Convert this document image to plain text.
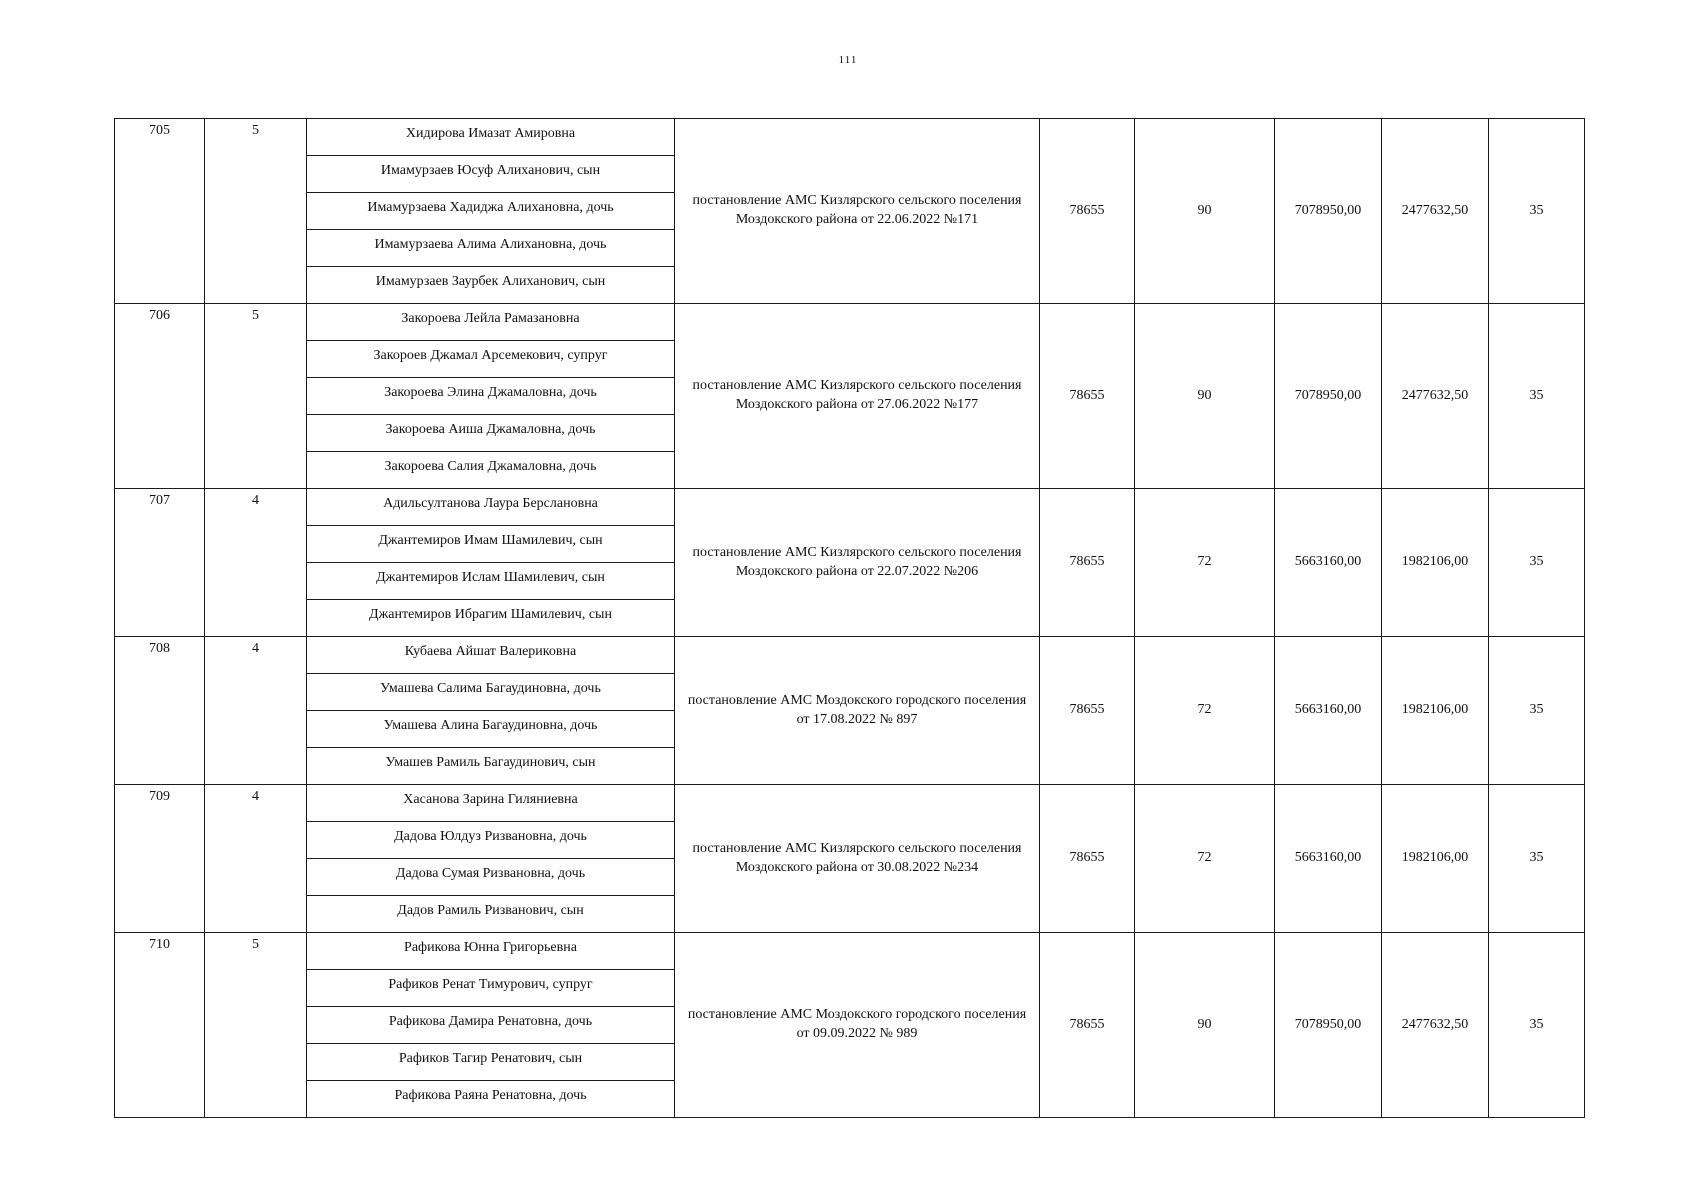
111
705	5	Хидирова Имазат Амировна
Имамурзаев Юсуф Алиханович, сын
Имамурзаева Хадиджа Алихановна, дочь
Имамурзаева Алима Алихановна, дочь
Имамурзаев Заурбек Алиханович, сын	постановление АМС Кизлярского сельского поселения Моздокского района от 22.06.2022 №171	78655	90	7078950,00	2477632,50	35
706	5	Закороева Лейла Рамазановна
Закороев Джамал Арсемекович, супруг
Закороева Элина Джамаловна, дочь
Закороева Аиша Джамаловна, дочь
Закороева Салия Джамаловна, дочь	постановление АМС Кизлярского сельского поселения Моздокского района от 27.06.2022 №177	78655	90	7078950,00	2477632,50	35
707	4	Адильсултанова Лаура Берслановна
Джантемиров Имам Шамилевич, сын
Джантемиров Ислам Шамилевич, сын
Джантемиров Ибрагим Шамилевич, сын	постановление АМС Кизлярского сельского поселения Моздокского района от 22.07.2022 №206	78655	72	5663160,00	1982106,00	35
708	4	Кубаева Айшат Валериковна
Умашева Салима Багаудиновна, дочь
Умашева Алина Багаудиновна, дочь
Умашев Рамиль Багаудинович, сын	постановление АМС Моздокского городского поселения от 17.08.2022 № 897	78655	72	5663160,00	1982106,00	35
709	4	Хасанова Зарина Гиляниевна
Дадова Юлдуз Ризвановна, дочь
Дадова Сумая Ризвановна, дочь
Дадов Рамиль Ризванович, сын	постановление АМС Кизлярского сельского поселения Моздокского района от 30.08.2022 №234	78655	72	5663160,00	1982106,00	35
710	5	Рафикова Юнна Григорьевна
Рафиков Ренат Тимурович, супруг
Рафикова Дамира Ренатовна, дочь
Рафиков Тагир Ренатович, сын
Рафикова Раяна Ренатовна, дочь	постановление АМС Моздокского городского поселения от 09.09.2022 № 989	78655	90	7078950,00	2477632,50	35
